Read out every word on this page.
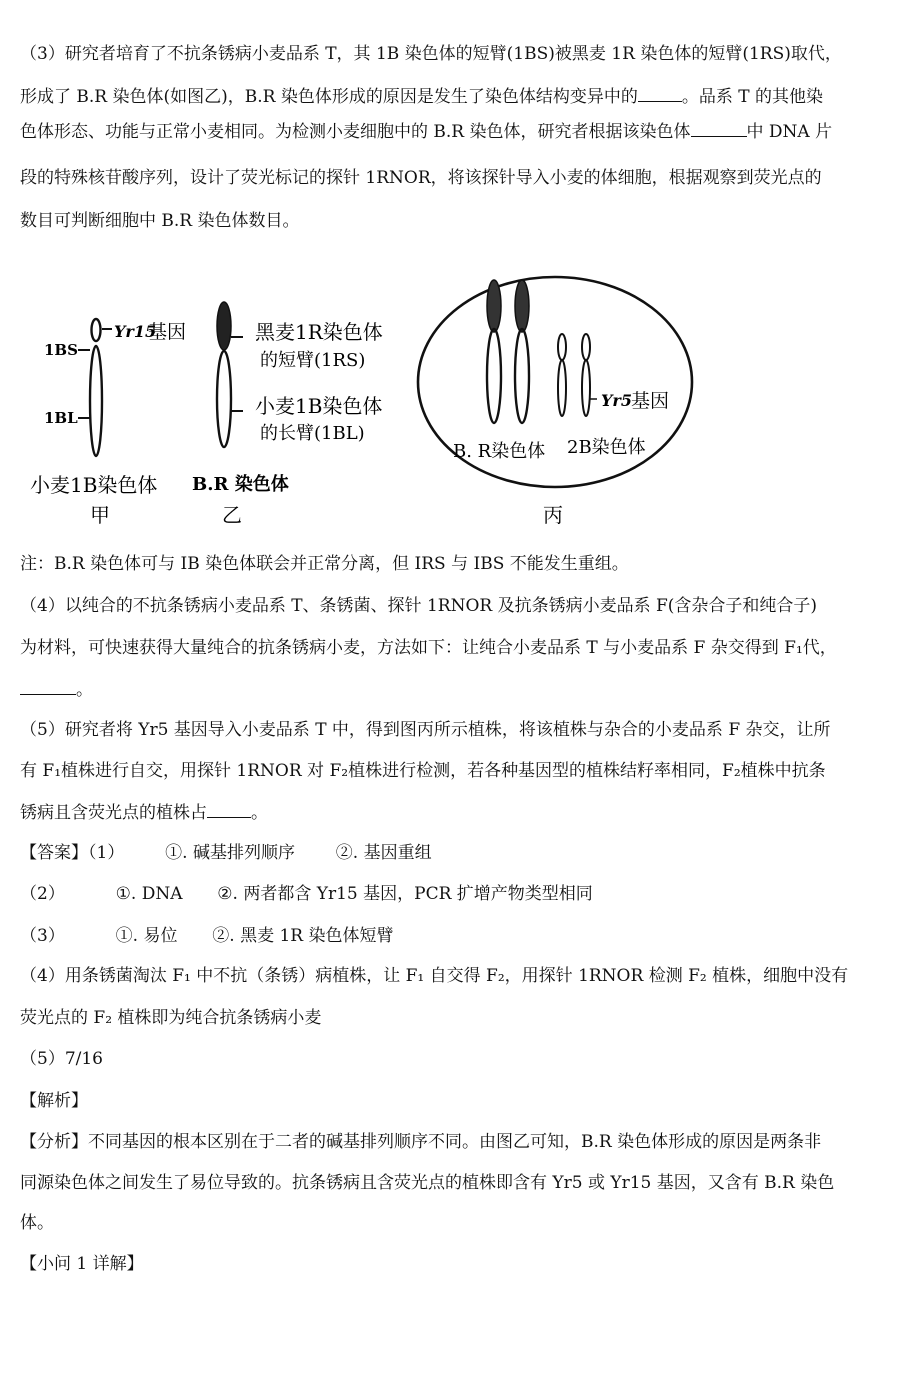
（3）研究者培育了不抗条锈病小麦品系 T，其 1B 染色体的短臂(1BS)被黑麦 1R 染色体的短臂(1RS)取代，
形成了 B.R 染色体(如图乙)，B.R 染色体形成的原因是发生了染色体结构变异中的	。品系 T 的其他染
色体形态、功能与正常小麦相同。为检测小麦细胞中的 B.R 染色体，研究者根据该染色体	中 DNA 片
段的特殊核苷酸序列，设计了荧光标记的探针 1RNOR，将该探针导入小麦的体细胞，根据观察到荧光点的
数目可判断细胞中 B.R 染色体数目。
1BS
1BL
Yr15
基因
小麦1B染色体
甲
黑麦1R染色体
的短臂(1RS)
小麦1B染色体
的长臂(1BL)
B.R 染色体
乙
Yr5 基因
B. R染色体 2B染色体
丙
注：B.R 染色体可与 IB 染色体联会并正常分离，但 IRS 与 IBS 不能发生重组。
（4）以纯合的不抗条锈病小麦品系 T、条锈菌、探针 1RNOR 及抗条锈病小麦品系 F(含杂合子和纯合子)
为材料，可快速获得大量纯合的抗条锈病小麦，方法如下：让纯合小麦品系 T 与小麦品系 F 杂交得到 F₁代，
。
（5）研究者将 Yr5 基因导入小麦品系 T 中，得到图丙所示植株，将该植株与杂合的小麦品系 F 杂交，让所
有 F₁植株进行自交，用探针 1RNOR 对 F₂植株进行检测，若各种基因型的植株结籽率相同，F₂植株中抗条
锈病且含荧光点的植株占	。
【答案】（1） ①. 碱基排列顺序 ②. 基因重组
（2）	①. DNA ②. 两者都含 Yr15 基因，PCR 扩增产物类型相同
（3）	①. 易位 ②. 黑麦 1R 染色体短臂
（4）用条锈菌淘汰 F₁ 中不抗（条锈）病植株，让 F₁ 自交得 F₂，用探针 1RNOR 检测 F₂ 植株，细胞中没有
荧光点的 F₂ 植株即为纯合抗条锈病小麦
（5）7/16
【解析】
【分析】不同基因的根本区别在于二者的碱基排列顺序不同。由图乙可知，B.R 染色体形成的原因是两条非
同源染色体之间发生了易位导致的。抗条锈病且含荧光点的植株即含有 Yr5 或 Yr15 基因，又含有 B.R 染色
体。
【小问 1 详解】
